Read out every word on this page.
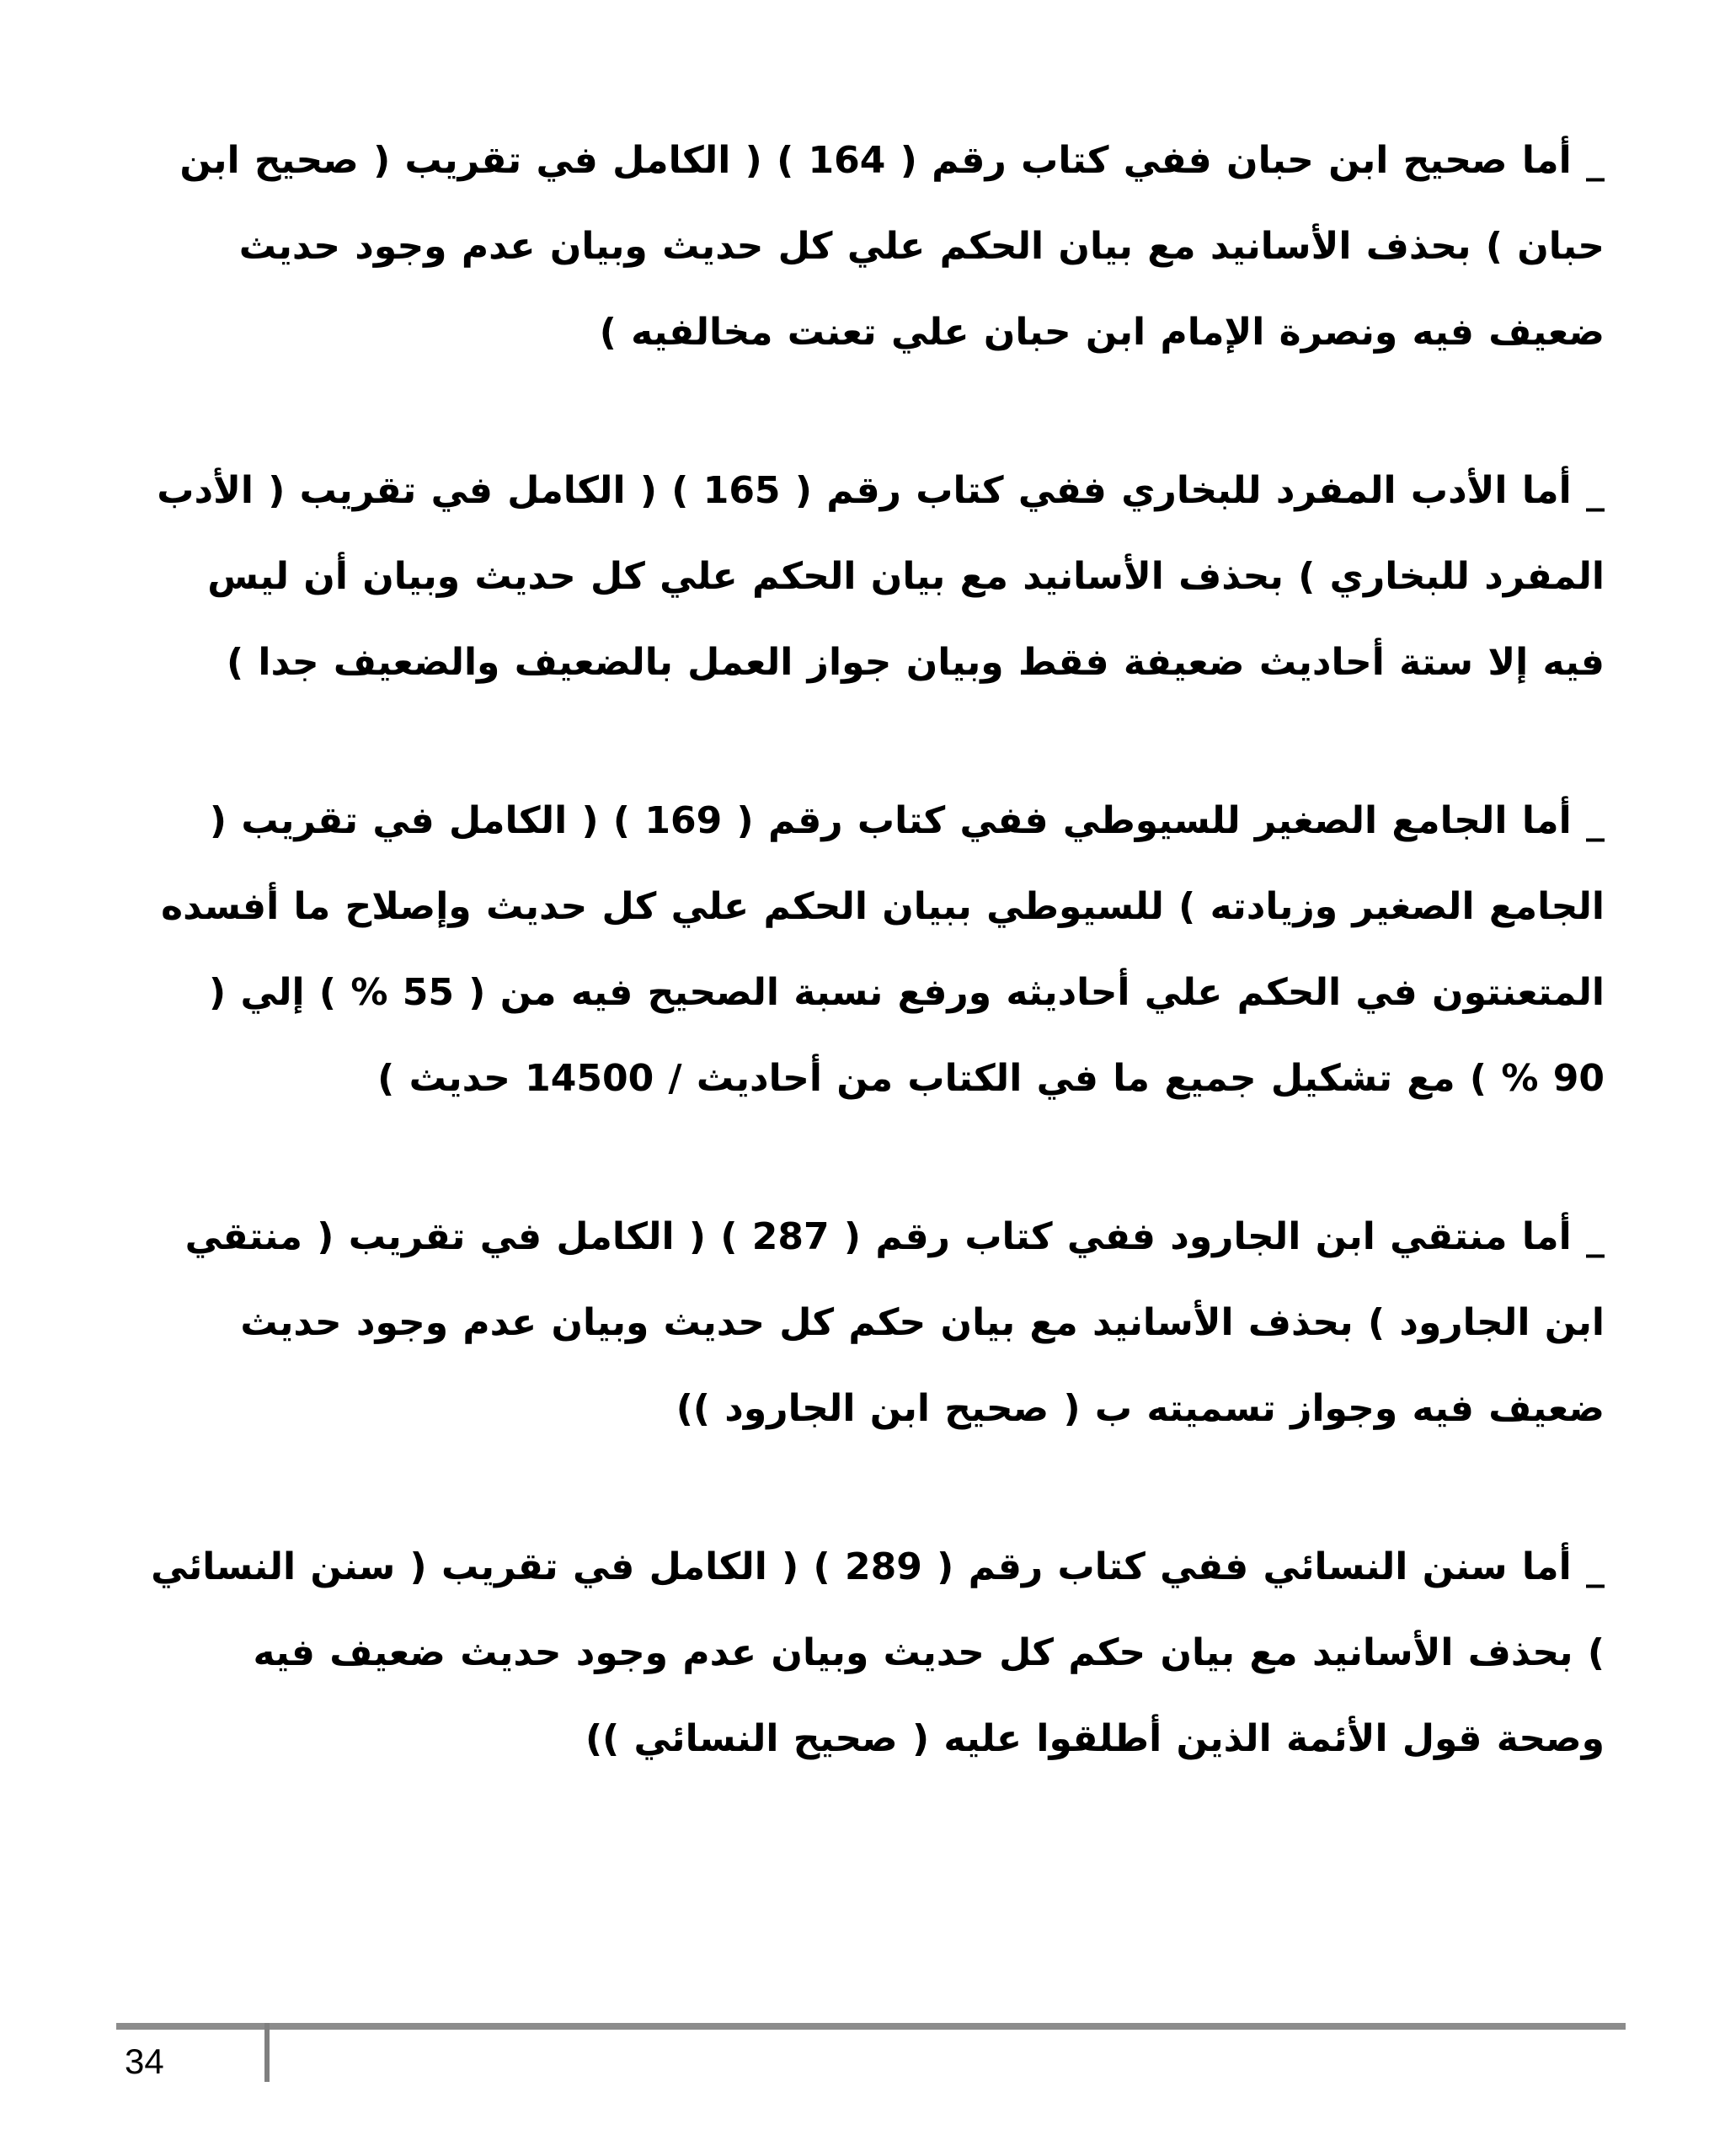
_ أما صحيح ابن حبان ففي كتاب رقم ( 164 ) ( الكامل في تقريب ( صحيح ابن حبان ) بحذف الأسانيد مع بيان الحكم علي كل حديث وبيان عدم وجود حديث ضعيف فيه ونصرة الإمام ابن حبان علي تعنت مخالفيه )

_ أما الأدب المفرد للبخاري ففي كتاب رقم ( 165 ) ( الكامل في تقريب ( الأدب المفرد للبخاري ) بحذف الأسانيد مع بيان الحكم علي كل حديث وبيان أن ليس فيه إلا ستة أحاديث ضعيفة فقط وبيان جواز العمل بالضعيف والضعيف جدا )

_ أما الجامع الصغير للسيوطي ففي كتاب رقم ( 169 ) ( الكامل في تقريب ( الجامع الصغير وزيادته ) للسيوطي ببيان الحكم علي كل حديث وإصلاح ما أفسده المتعنتون في الحكم علي أحاديثه ورفع نسبة الصحيح فيه من ( 55 % ) إلي ( 90 % ) مع تشكيل جميع ما في الكتاب من أحاديث / 14500 حديث )

_ أما منتقي ابن الجارود ففي كتاب رقم ( 287 ) ( الكامل في تقريب ( منتقي ابن الجارود ) بحذف الأسانيد مع بيان حكم كل حديث وبيان عدم وجود حديث ضعيف فيه وجواز تسميته ب ( صحيح ابن الجارود ))

_ أما سنن النسائي ففي كتاب رقم ( 289 ) ( الكامل في تقريب ( سنن النسائي ) بحذف الأسانيد مع بيان حكم كل حديث وبيان عدم وجود حديث ضعيف فيه وصحة قول الأئمة الذين أطلقوا عليه ( صحيح النسائي ))

34
